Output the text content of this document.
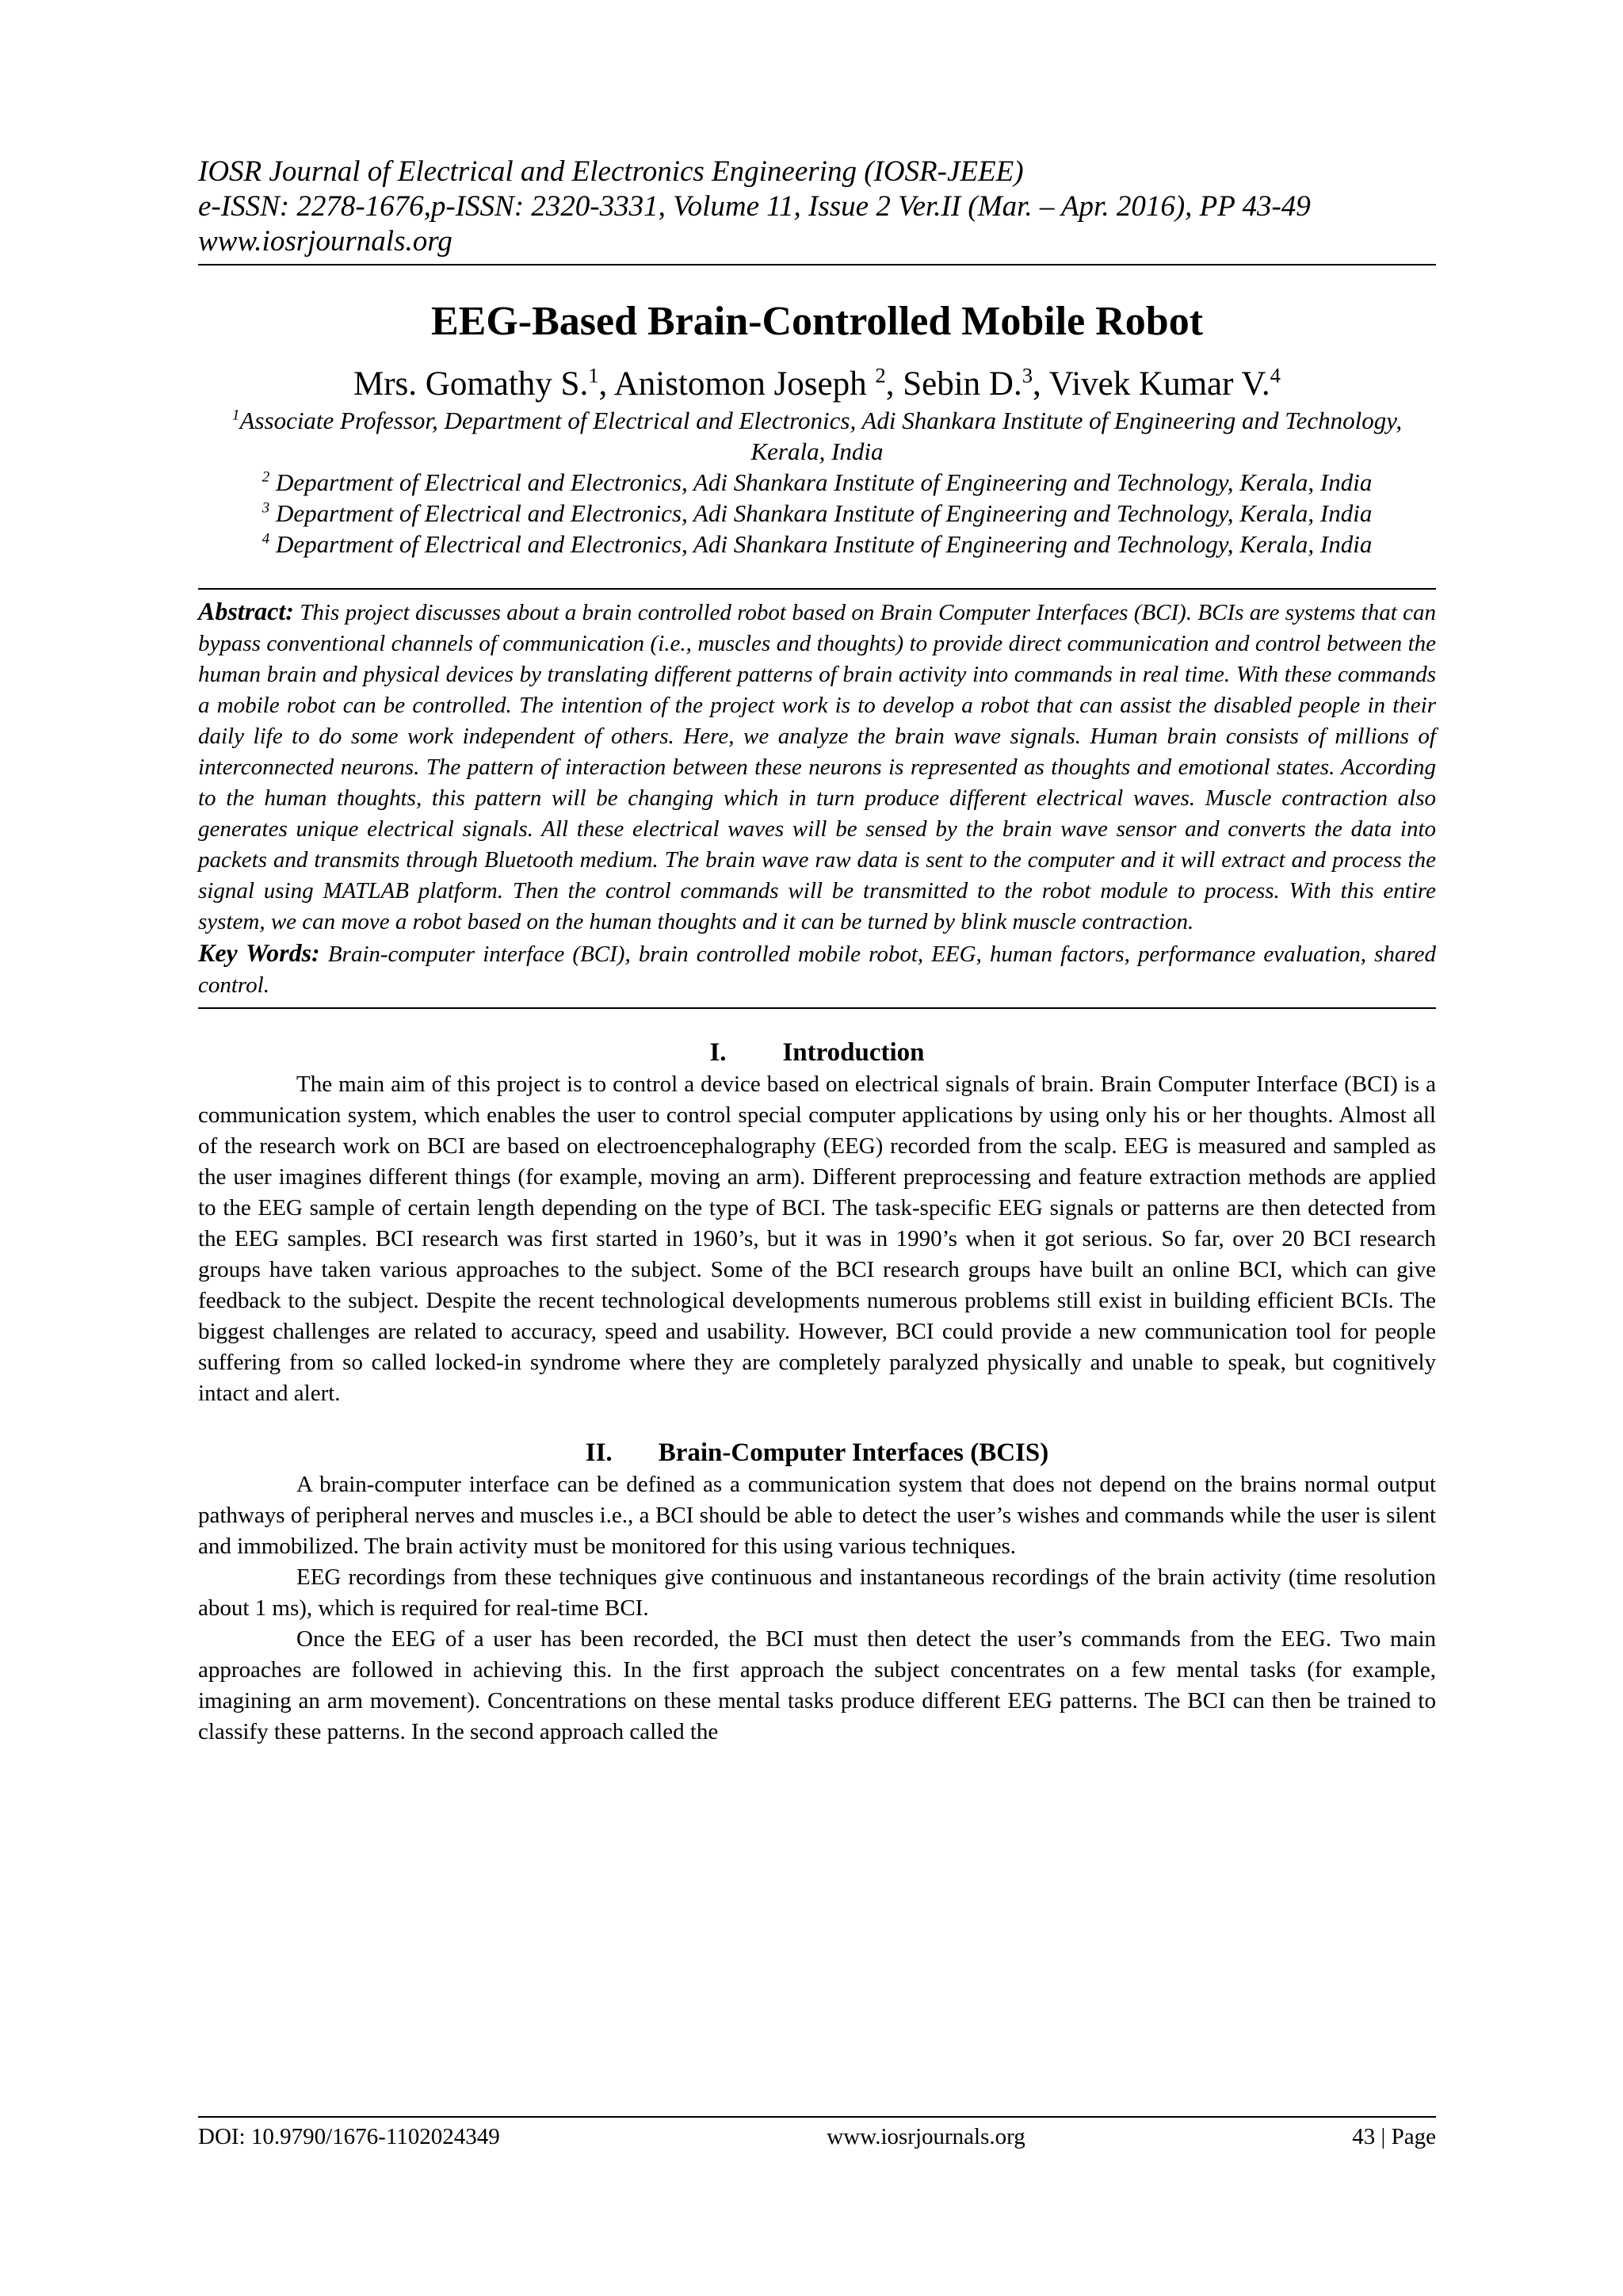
IOSR Journal of Electrical and Electronics Engineering (IOSR-JEEE)
e-ISSN: 2278-1676,p-ISSN: 2320-3331, Volume 11, Issue 2 Ver.II (Mar. – Apr. 2016), PP 43-49
www.iosrjournals.org
EEG-Based Brain-Controlled Mobile Robot
Mrs. Gomathy S.$^1$, Anistomon Joseph $^2$, Sebin D.$^3$, Vivek Kumar V.$^4$
$^1$Associate Professor, Department of Electrical and Electronics, Adi Shankara Institute of Engineering and Technology, Kerala, India
$^2$ Department of Electrical and Electronics, Adi Shankara Institute of Engineering and Technology, Kerala, India
$^3$ Department of Electrical and Electronics, Adi Shankara Institute of Engineering and Technology, Kerala, India
$^4$ Department of Electrical and Electronics, Adi Shankara Institute of Engineering and Technology, Kerala, India

Abstract: This project discusses about a brain controlled robot based on Brain Computer Interfaces (BCI). BCIs are systems that can bypass conventional channels of communication (i.e., muscles and thoughts) to provide direct communication and control between the human brain and physical devices by translating different patterns of brain activity into commands in real time. With these commands a mobile robot can be controlled. The intention of the project work is to develop a robot that can assist the disabled people in their daily life to do some work independent of others. Here, we analyze the brain wave signals. Human brain consists of millions of interconnected neurons. The pattern of interaction between these neurons is represented as thoughts and emotional states. According to the human thoughts, this pattern will be changing which in turn produce different electrical waves. Muscle contraction also generates unique electrical signals. All these electrical waves will be sensed by the brain wave sensor and converts the data into packets and transmits through Bluetooth medium. The brain wave raw data is sent to the computer and it will extract and process the signal using MATLAB platform. Then the control commands will be transmitted to the robot module to process. With this entire system, we can move a robot based on the human thoughts and it can be turned by blink muscle contraction.

Key Words: Brain-computer interface (BCI), brain controlled mobile robot, EEG, human factors, performance evaluation, shared control.

I. Introduction

The main aim of this project is to control a device based on electrical signals of brain. Brain Computer Interface (BCI) is a communication system, which enables the user to control special computer applications by using only his or her thoughts. Almost all of the research work on BCI are based on electroencephalography (EEG) recorded from the scalp. EEG is measured and sampled as the user imagines different things (for example, moving an arm). Different preprocessing and feature extraction methods are applied to the EEG sample of certain length depending on the type of BCI. The task-specific EEG signals or patterns are then detected from the EEG samples. BCI research was first started in 1960’s, but it was in 1990’s when it got serious. So far, over 20 BCI research groups have taken various approaches to the subject. Some of the BCI research groups have built an online BCI, which can give feedback to the subject. Despite the recent technological developments numerous problems still exist in building efficient BCIs. The biggest challenges are related to accuracy, speed and usability. However, BCI could provide a new communication tool for people suffering from so called locked-in syndrome where they are completely paralyzed physically and unable to speak, but cognitively intact and alert.

II. Brain-Computer Interfaces (BCIS)

A brain-computer interface can be defined as a communication system that does not depend on the brains normal output pathways of peripheral nerves and muscles i.e., a BCI should be able to detect the user’s wishes and commands while the user is silent and immobilized. The brain activity must be monitored for this using various techniques.

EEG recordings from these techniques give continuous and instantaneous recordings of the brain activity (time resolution about 1 ms), which is required for real-time BCI.

Once the EEG of a user has been recorded, the BCI must then detect the user’s commands from the EEG. Two main approaches are followed in achieving this. In the first approach the subject concentrates on a few mental tasks (for example, imagining an arm movement). Concentrations on these mental tasks produce different EEG patterns. The BCI can then be trained to classify these patterns. In the second approach called the

DOI: 10.9790/1676-1102024349	www.iosrjournals.org	43 | Page
